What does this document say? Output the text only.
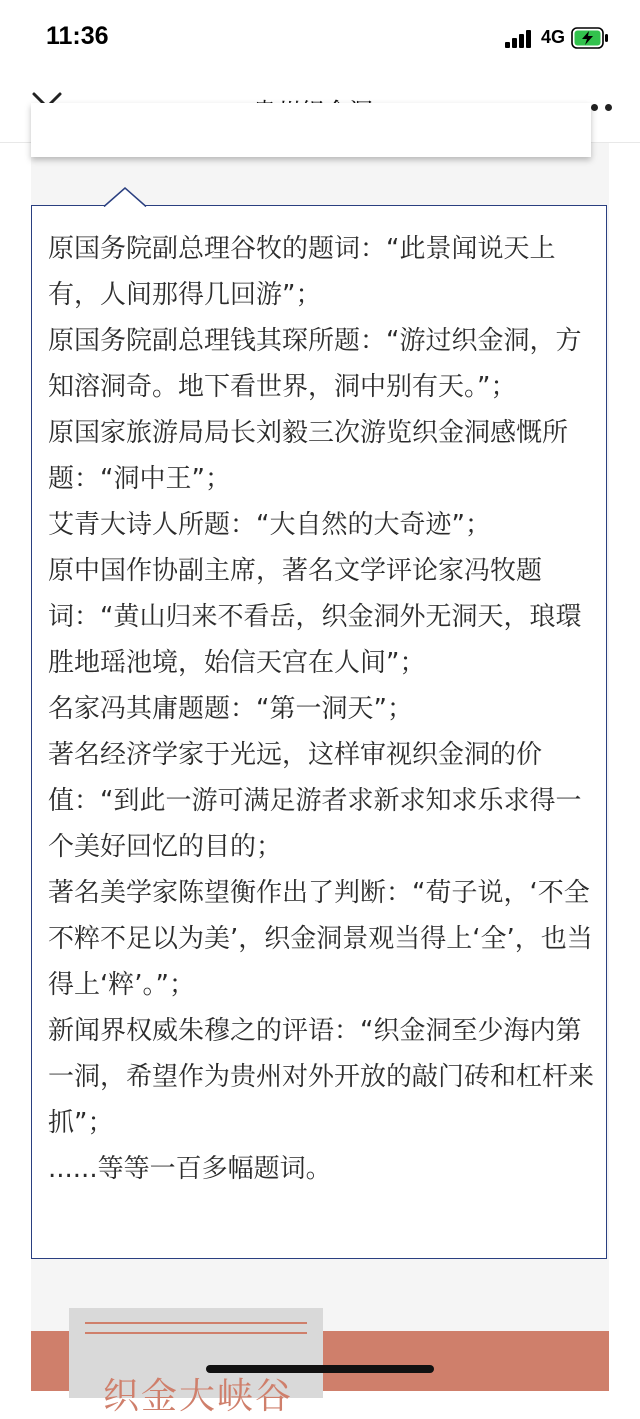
11:36	4G

原国务院副总理谷牧的题词：“此景闻说天上有，人间那得几回游”；

原国务院副总理钱其琛所题：“游过织金洞，方知溶洞奇。地下看世界，洞中别有天。”；

原国家旅游局局长刘毅三次游览织金洞感慨所题：“洞中王”；

艾青大诗人所题：“大自然的大奇迹”；

原中国作协副主席，著名文学评论家冯牧题词：“黄山归来不看岳，织金洞外无洞天，琅環胜地瑶池境，始信天宫在人间”；

名家冯其庸题题：“第一洞天”；

著名经济学家于光远，这样审视织金洞的价值：“到此一游可满足游者求新求知求乐求得一个美好回忆的目的；

著名美学家陈望衡作出了判断：“荀子说，‘不全不粹不足以为美’，织金洞景观当得上‘全’，也当得上‘粹’。”；

新闻界权威朱穆之的评语：“织金洞至少海内第一洞，希望作为贵州对外开放的敲门砖和杠杆来抓”；

......等等一百多幅题词。

织金大峡谷
